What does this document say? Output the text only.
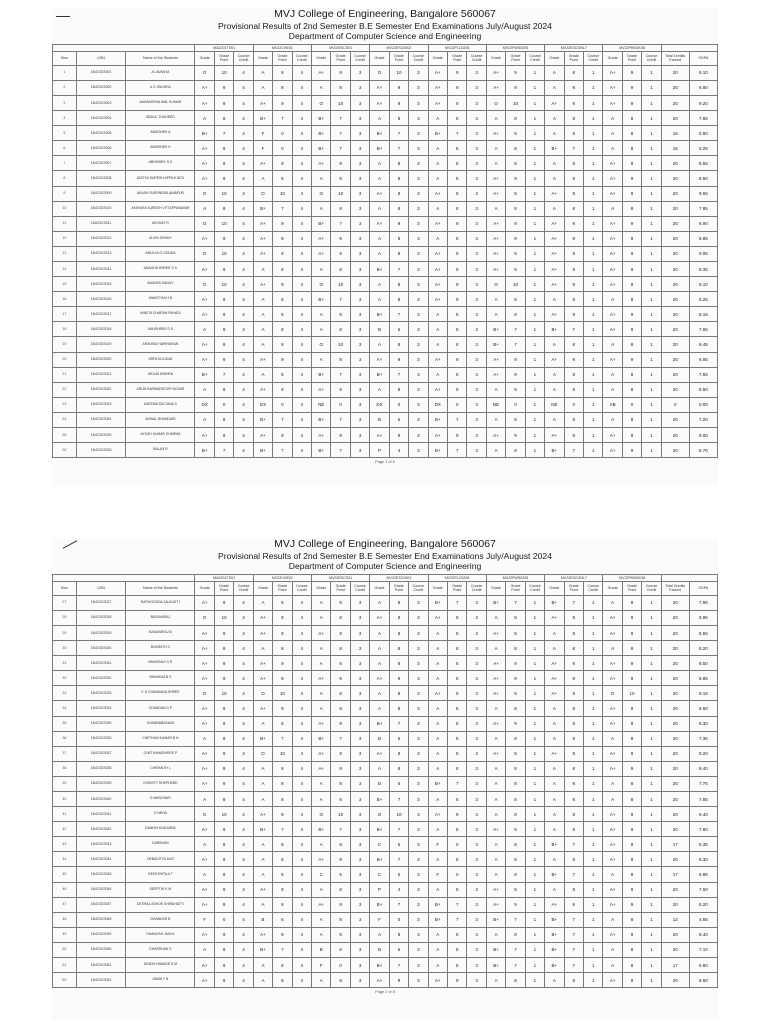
MVJ College of Engineering, Bangalore 560067
Provisional Results of 2nd Semester B.E Semester End Examinations July/August 2024
Department of Computer Science and Engineering
			MA2201TS01			MV22CHE01			MV22ESCS01			MV22ESC0502			MV22PLC0205			MV22PWS0205			MV22ESCONL7			MV22PKBGK08				
Slno	USN	Name of the Students	Grade	Grade Point	Course Credit	Grade	Grade Point	Course Credit	Grade	Grade Point	Course Credit	Grade	Grade Point	Course Credit	Grade	Grade Point	Course Credit	Grade	Grade Point	Course Credit	Grade	Grade Point	Course Credit	Grade	Grade Point	Course Credit	Total Credits Earned	SGPA
1	1MJ23CS001	A LAVANYA	O	10	4	A	8	4	A+	9	3	O	10	3	A+	9	3	A+	9	1	A	8	1	A+	9	1	20	9.10
2	1MJ23CS002	A S JINUSHA	A+	9	4	A	8	4	A	8	3	A+	9	3	A+	9	3	A+	9	1	A	8	1	A+	9	1	20	8.80
3	1MJ23CS003	AAKANKSHA ANIL KUMAR	A+	9	4	A+	9	4	O	10	3	A+	9	3	A+	9	3	O	10	1	A+	9	1	A+	9	1	20	9.20
4	1MJ23CS004	ABDUL TOUHEED	A	8	4	B+	7	4	B+	7	3	A	8	3	A	8	3	A	8	1	A	8	1	A	8	1	20	7.65
5	1MJ23CS005	ABHISHEK A	B+	7	4	F	0	4	B+	7	3	B+	7	3	B+	7	3	A+	9	1	A	8	1	A	8	1	16	5.80
6	1MJ23CS006	ABHISHEK K	A+	9	4	F	0	4	B+	7	3	B+	7	3	A	8	3	A	8	1	B+	7	1	A	8	1	16	6.25
7	1MJ23CS007	ABHISHEK S S	A+	9	4	A+	9	4	A+	9	3	A	8	3	A	8	3	A	8	1	A	8	1	A+	9	1	20	8.55
8	1MJ23CS008	ADITYA SURESH APPAJI NDS	A+	9	4	A	8	4	A	8	3	A	8	3	A	8	3	A+	9	1	A	8	1	A+	9	1	20	8.50
9	1MJ23CS009	AKASH SURENDRA AINAPUR	O	10	4	O	10	4	O	10	3	A+	9	3	A+	9	3	A+	9	1	A+	9	1	A+	9	1	20	9.55
10	1MJ23CS010	AKSHATA SURESH VITTAPPANAVAR	A	8	4	B+	7	4	A	8	3	A	8	3	A	8	3	A	8	1	A	8	1	A	8	1	20	7.95
11	1MJ23CS011	AKSHAY R	O	10	4	A+	9	4	B+	7	3	A+	9	3	A+	9	3	A+	9	1	A+	9	1	A+	9	1	20	8.90
12	1MJ23CS012	ALVIN SONNY	A+	9	4	A+	9	4	A+	9	3	A	8	3	A	8	3	A+	9	1	A+	9	1	A+	9	1	20	8.85
13	1MJ23CS013	AMULYA G GOUDA	O	10	4	A+	9	4	A+	9	3	A	8	3	A+	9	3	A+	9	1	A+	9	1	A+	9	1	20	9.05
14	1MJ23CS014	ANAGHA SHREE G K	A+	9	4	A	8	4	A	8	3	B+	7	3	A+	9	3	A+	9	1	A+	9	1	A+	9	1	20	8.35
15	1MJ23CS015	ANANYA SANJIV	O	10	4	A+	9	4	O	10	3	A	8	3	A+	9	3	O	10	1	A+	9	1	A+	9	1	20	9.10
16	1MJ23CS016	ANIKETHA H N	A+	9	4	A	8	4	B+	7	3	A	8	3	A+	9	3	A	8	1	A	8	1	A	8	1	20	8.25
17	1MJ23CS017	ANKITA CHARAN PAHADI	A+	9	4	A	8	4	A	8	3	B+	7	3	A	8	3	A	8	1	A+	9	1	A+	9	1	20	8.15
18	1MJ23CS018	ANUSHREE D S	A	8	4	A	8	4	A	8	3	B	6	3	A	8	3	B+	7	1	B+	7	1	A+	9	1	20	7.65
19	1MJ23CS019	ARAVIND HARIHARAN	A+	9	4	A	8	4	O	10	3	A	8	3	A	8	3	B+	7	1	A	8	1	A	8	1	20	8.45
20	1MJ23CS020	ARFA KULSUM	A+	9	4	A+	9	4	A	8	3	A+	9	3	A+	9	3	A+	9	1	A+	9	1	A+	9	1	20	8.85
21	1MJ23CS021	ARJUN MISHRA	B+	7	4	A	8	4	B+	7	3	B+	7	3	A	8	3	A+	9	1	A	8	1	A	8	1	20	7.55
22	1MJ23CS022	ARUN KARWARDOOP NOVAR	A	8	4	A+	9	4	A+	9	3	A	8	3	A+	9	3	A	8	1	A	8	1	A	8	1	20	8.50
23	1MJ23CS023	ASEEMA SULTANA S	DX	0	4	DX	0	4	NE	0	3	DX	0	3	DX	0	3	NE	0	1	NE	0	1	AB	0	1	0	0.00
24	1MJ23CS024	AVINAL BHANDARI	A	8	4	B+	7	4	B+	7	3	B	6	3	B+	7	3	A	8	1	A	8	1	A	8	1	20	7.20
25	1MJ23CS025	AYUSH KUMAR SHARMA	A+	9	4	A+	9	4	A+	9	3	A+	9	3	A+	9	3	A+	9	1	A+	9	1	A+	9	1	20	9.00
26	1MJ23CS026	BALAJI R	B+	7	4	B+	7	4	B+	7	3	P	4	3	B+	7	3	A	8	1	B+	7	1	A+	9	1	20	6.70
Page 1 of 8
MVJ College of Engineering, Bangalore 560067
Provisional Results of 2nd Semester B.E Semester End Examinations July/August 2024
Department of Computer Science and Engineering
			MA2201TS01			MV22CHE01			MV22ESCS01			MV22ESC0502			MV22PLC0205			MV22PWS0205			MV22ESCONL7			MV22PKBGK08				
Slno	USN	Name of the Students	Grade	Grade Point	Course Credit	Grade	Grade Point	Course Credit	Grade	Grade Point	Course Credit	Grade	Grade Point	Course Credit	Grade	Grade Point	Course Credit	Grade	Grade Point	Course Credit	Grade	Grade Point	Course Credit	Grade	Grade Point	Course Credit	Total Credits Earned	SGPA
27	1MJ23CS027	BAPUGOUDA JALIKATTI	A+	9	4	A	8	4	A	8	3	A	8	3	B+	7	3	B+	7	1	B+	7	1	A	8	1	20	7.95
28	1MJ23CS028	BASAVARAJ	O	10	4	A+	9	4	A	8	3	A+	9	3	A+	9	3	A	8	1	A+	9	1	A+	9	1	20	8.95
29	1MJ23CS029	BASAVARAJ B	A+	9	4	A+	9	4	A+	9	3	A	8	3	A	8	3	A+	9	1	A	8	1	A+	9	1	20	8.55
30	1MJ23CS030	BHARATH C	A+	9	4	A	8	4	A	8	3	A	8	3	A	8	3	A	8	1	A	8	1	A	8	1	20	8.20
31	1MJ23CS031	BHARGAVI V R	A+	9	4	A+	9	4	A	8	3	A	8	3	A	8	3	A+	9	1	A+	9	1	A+	9	1	20	8.50
32	1MJ23CS032	BHAVANA B S	A+	9	4	A+	9	4	A+	9	3	A+	9	3	A	8	3	A+	9	1	A+	9	1	A+	9	1	20	8.85
33	1MJ23CS033	C H CHANDANA SHREE	O	10	4	O	10	4	A	8	3	A	8	3	A+	9	3	A+	9	1	A+	9	1	O	10	1	20	9.15
34	1MJ23CS034	CHANDAN D P	A+	9	4	A+	9	4	A	8	3	A	8	3	A	8	3	A	8	1	A	8	1	A+	9	1	20	8.60
35	1MJ23CS035	CHANNABASAVA	A+	9	4	A	8	4	A+	9	3	B+	7	3	A	8	3	A+	9	1	A	8	1	A+	9	1	20	8.30
36	1MJ23CS036	CHETHAN KUMAR B N	A	8	4	B+	7	4	B+	7	3	B	6	3	A	8	3	A	8	1	A	8	1	A	8	1	20	7.35
37	1MJ23CS037	CHETHANASHREE P	A+	9	4	O	10	4	A+	9	3	A+	9	3	A	8	3	A+	9	1	A+	9	1	A+	9	1	20	9.20
38	1MJ23CS038	CHIRANTH L	A+	9	4	A	8	4	A+	9	3	A	8	3	A	8	3	A	8	1	A	8	1	A+	9	1	20	8.40
39	1MJ23CS039	CHRISTY SHEPHARD	A+	9	4	A	8	4	A	8	3	B	6	3	B+	7	3	A	8	1	A	8	1	A	8	1	20	7.75
40	1MJ23CS040	D MANOHAR	A	8	4	A	8	4	A	8	3	B+	7	3	A	8	3	A	8	1	A	8	1	A	8	1	20	7.85
41	1MJ23CS041	D NEHA	O	10	4	A+	9	4	O	10	3	O	10	3	A+	9	3	A	8	1	A	8	1	A+	9	1	20	9.40
42	1MJ23CS042	DANISH KHAJURIA	A+	9	4	B+	7	4	B+	7	3	B+	7	3	A	8	3	A+	9	1	A	8	1	A+	9	1	20	7.80
43	1MJ23CS043	DARSHAN	A	8	4	A	8	4	A	8	3	C	5	3	F	0	3	A	8	1	B+	7	1	A+	9	1	17	6.35
44	1MJ23CS044	DEBADITYA DAS	A+	9	4	A	8	4	A+	9	3	B+	7	3	A	8	3	A	8	1	A	8	1	A+	9	1	20	8.30
45	1MJ23CS045	DEEKSHITA A T	A	8	4	A	8	4	C	5	3	C	5	3	F	0	3	A	8	1	B+	7	1	A	8	1	17	5.85
46	1MJ23CS046	DEEPTHI K M	A+	9	4	A+	9	4	A	8	3	P	4	3	A	8	3	A+	9	1	A	8	1	A+	9	1	20	7.50
47	1MJ23CS047	DEERAJ ASHOK SHIRAHATTI	A+	9	4	A	8	4	A+	9	3	B+	7	3	B+	7	3	A+	9	1	A+	9	1	A+	9	1	20	8.20
48	1MJ23CS048	DHANUSH B	F	0	4	B	6	4	A	8	3	F	0	3	B+	7	3	B+	7	1	B+	7	1	A	8	1	13	4.55
49	1MJ23CS049	DHANUSH JAIN A	A+	9	4	A+	9	4	A	8	3	A	8	3	A	8	3	A	8	1	B+	7	1	A+	9	1	20	8.40
50	1MJ23CS050	DHARSHAN S	A	8	4	B+	7	4	B	6	3	B	6	3	A	8	3	B+	7	1	B+	7	1	A	8	1	20	7.10
51	1MJ23CS051	DINESH MANGE S M	A+	9	4	A	8	4	F	0	3	B+	7	3	A	8	3	B+	7	1	B+	7	1	A	8	1	17	6.80
52	1MJ23CS052	DIMIA Y N	A+	9	4	A	8	4	A	8	3	A+	9	3	A+	9	3	A	8	1	A	8	1	A+	9	1	20	8.60
Page 2 of 8
